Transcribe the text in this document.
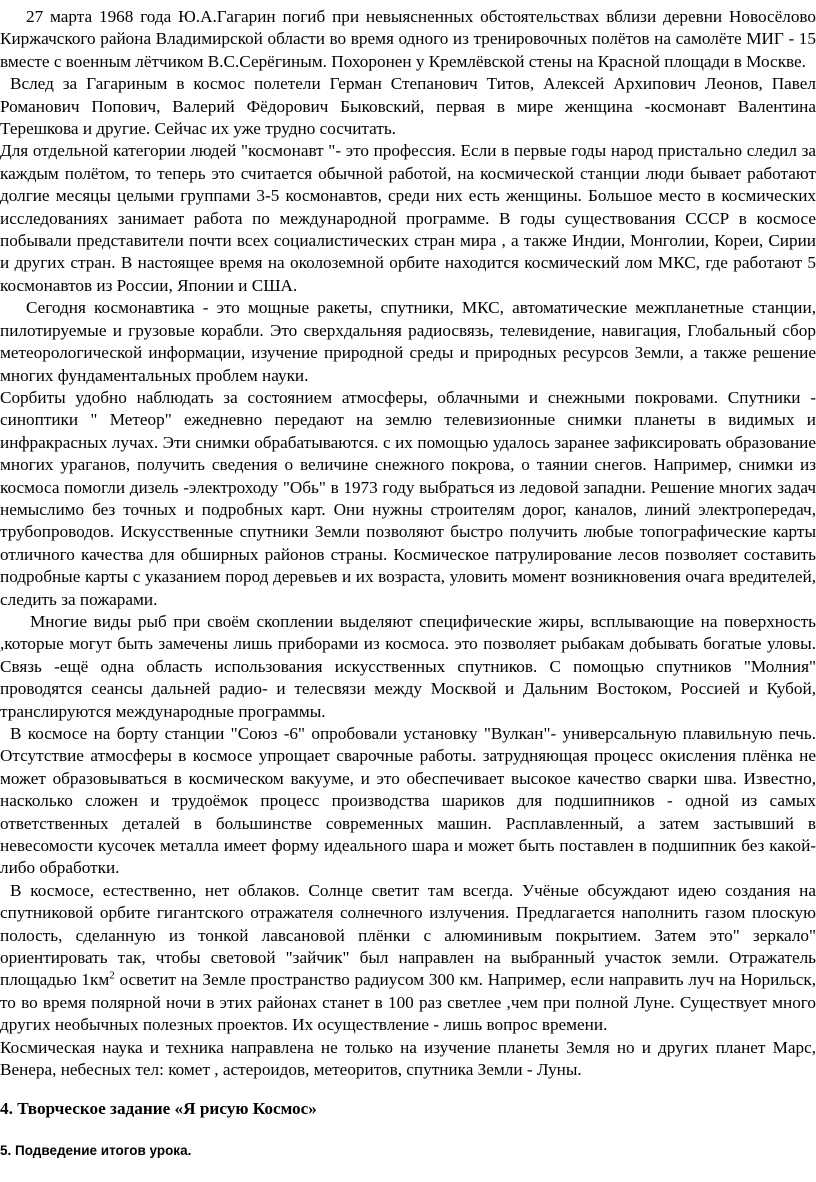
27 марта 1968 года Ю.А.Гагарин погиб при невыясненных обстоятельствах вблизи деревни Новосёлово Киржачского района Владимирской области во время одного из тренировочных полётов на самолёте МИГ - 15 вместе с военным лётчиком В.С.Серёгиным. Похоронен у Кремлёвской стены на Красной площади в Москве.

Вслед за Гагариным в космос полетели Герман Степанович Титов, Алексей Архипович Леонов, Павел Романович Попович, Валерий Фёдорович Быковский, первая в мире женщина -космонавт Валентина Терешкова и другие. Сейчас их уже трудно сосчитать.

Для отдельной категории людей "космонавт "- это профессия. Если в первые годы народ пристально следил за каждым полётом, то теперь это считается обычной работой, на космической станции люди бывает работают долгие месяцы целыми группами 3-5 космонавтов, среди них есть женщины. Большое место в космических исследованиях занимает работа по международной программе. В годы существования СССР в космосе побывали представители почти всех социалистических стран мира , а также Индии, Монголии, Кореи, Сирии и других стран. В настоящее время на околоземной орбите находится космический лом МКС, где работают 5 космонавтов из России, Японии и США.

Сегодня космонавтика - это мощные ракеты, спутники, МКС, автоматические межпланетные станции, пилотируемые и грузовые корабли. Это сверхдальняя радиосвязь, телевидение, навигация, Глобальный сбор метеорологической информации, изучение природной среды и природных ресурсов Земли, а также решение многих фундаментальных проблем науки.

Сорбиты удобно наблюдать за состоянием атмосферы, облачными и снежными покровами. Спутники - синоптики " Метеор" ежедневно передают на землю телевизионные снимки планеты в видимых и инфракрасных лучах. Эти снимки обрабатываются. с их помощью удалось заранее зафиксировать образование многих ураганов, получить сведения о величине снежного покрова, о таянии снегов. Например, снимки из космоса помогли дизель -электроходу "Обь" в 1973 году выбраться из ледовой западни. Решение многих задач немыслимо без точных и подробных карт. Они нужны строителям дорог, каналов, линий электропередач, трубопроводов. Искусственные спутники Земли позволяют быстро получить любые топографические карты отличного качества для обширных районов страны. Космическое патрулирование лесов позволяет составить подробные карты с указанием пород деревьев и их возраста, уловить момент возникновения очага вредителей, следить за пожарами.

Многие виды рыб при своём скоплении выделяют специфические жиры, всплывающие на поверхность ,которые могут быть замечены лишь приборами из космоса. это позволяет рыбакам добывать богатые уловы. Связь -ещё одна область использования искусственных спутников. С помощью спутников "Молния" проводятся сеансы дальней радио- и телесвязи между Москвой и Дальним Востоком, Россией и Кубой, транслируются международные программы.

В космосе на борту станции "Союз -6" опробовали установку "Вулкан"- универсальную плавильную печь. Отсутствие атмосферы в космосе упрощает сварочные работы. затрудняющая процесс окисления плёнка не может образовываться в космическом вакууме, и это обеспечивает высокое качество сварки шва. Известно, насколько сложен и трудоёмок процесс производства шариков для подшипников - одной из самых ответственных деталей в большинстве современных машин. Расплавленный, а затем застывший в невесомости кусочек металла имеет форму идеального шара и может быть поставлен в подшипник без какой-либо обработки.

В космосе, естественно, нет облаков. Солнце светит там всегда. Учёные обсуждают идею создания на спутниковой орбите гигантского отражателя солнечного излучения. Предлагается наполнить газом плоскую полость, сделанную из тонкой лавсановой плёнки с алюминивым покрытием. Затем это" зеркало" ориентировать так, чтобы световой "зайчик" был направлен на выбранный участок земли. Отражатель площадью $1км^2$ осветит на Земле пространство радиусом 300 км. Например, если направить луч на Норильск, то во время полярной ночи в этих районах станет в 100 раз светлее ,чем при полной Луне. Существует много других необычных полезных проектов. Их осуществление - лишь вопрос времени.

Космическая наука и техника направлена не только на изучение планеты Земля но и других планет Марс, Венера, небесных тел: комет , астероидов, метеоритов, спутника Земли - Луны.

4. Творческое задание «Я рисую Космос»

5. Подведение итогов урока.
